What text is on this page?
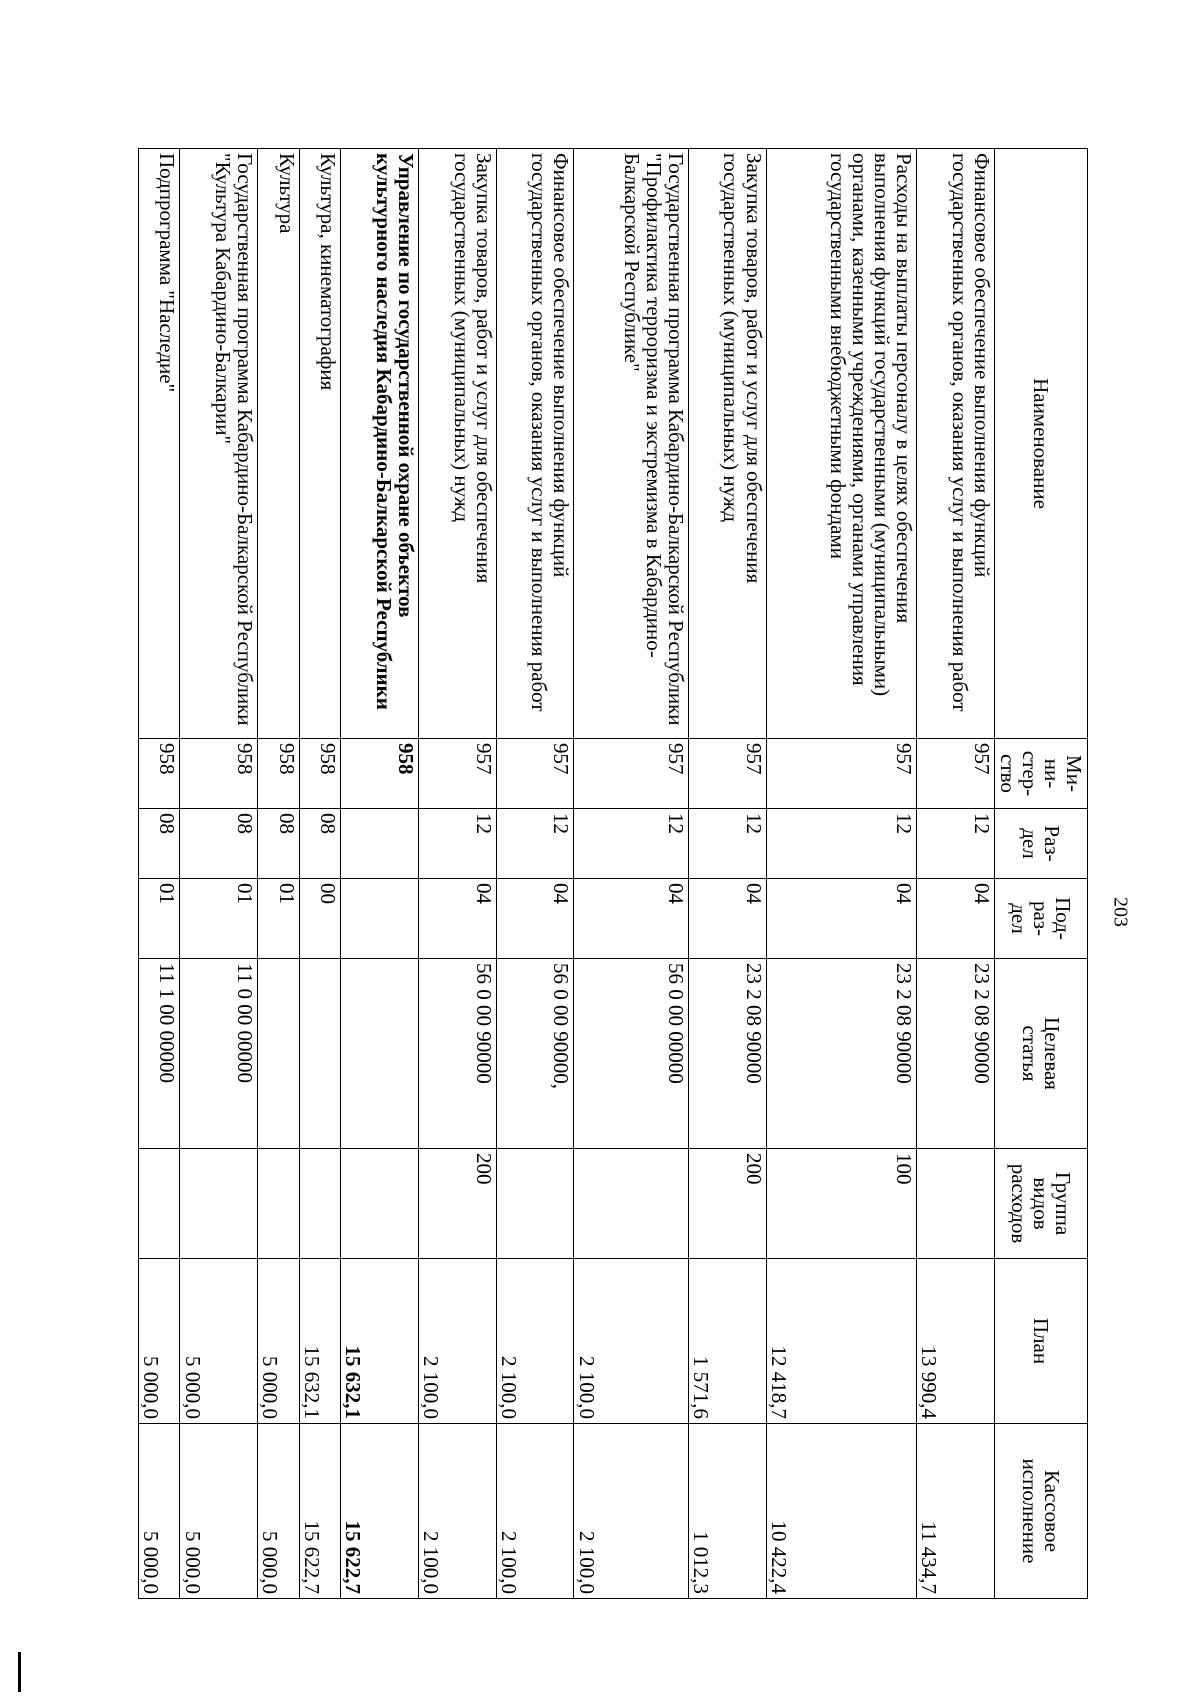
203
Наименование	Ми-
ни-
стер-
ство	Раз-
дел	Под-
раз-
дел	Целевая
статья	Группа
видов
расходов	План	Кассовое
исполнение
Финансовое обеспечение выполнения функций государственных органов, оказания услуг и выполнения работ	957	12	04	23 2 08 90000		13 990,4	11 434,7
Расходы на выплаты персоналу в целях обеспечения выполнения функций государственными (муниципальными) органами, казенными учреждениями, органами управления государственными внебюджетными фондами	957	12	04	23 2 08 90000	100	12 418,7	10 422,4
Закупка товаров, работ и услуг для обеспечения государственных (муниципальных) нужд	957	12	04	23 2 08 90000	200	1 571,6	1 012,3
Государственная программа Кабардино-Балкарской Республики "Профилактика терроризма и экстремизма в Кабардино-Балкарской Республике"	957	12	04	56 0 00 00000		2 100,0	2 100,0
Финансовое обеспечение выполнения функций государственных органов, оказания услуг и выполнения работ	957	12	04	56 0 00 90000,		2 100,0	2 100,0
Закупка товаров, работ и услуг для обеспечения государственных (муниципальных) нужд	957	12	04	56 0 00 90000	200	2 100,0	2 100,0
Управление по государственной охране объектов культурного наследия Кабардино-Балкарской Республики	958					15 632,1	15 622,7
Культура, кинематография	958	08	00			15 632,1	15 622,7
Культура	958	08	01			5 000,0	5 000,0
Государственная программа Кабардино-Балкарской Республики "Культура Кабардино-Балкарии"	958	08	01	11 0 00 00000		5 000,0	5 000,0
Подпрограмма "Наследие"	958	08	01	11 1 00 00000		5 000,0	5 000,0
